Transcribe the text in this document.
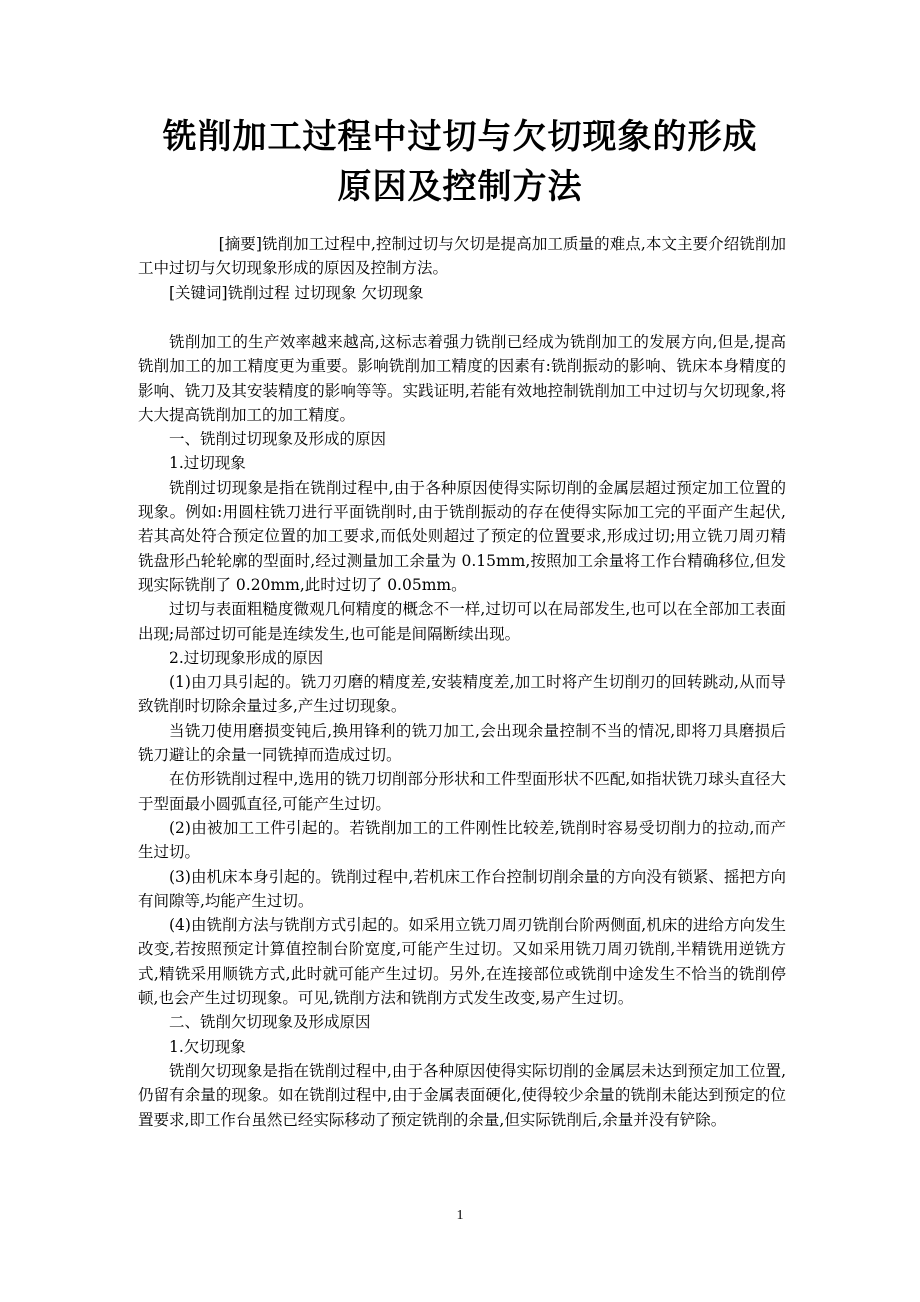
铣削加工过程中过切与欠切现象的形成
原因及控制方法

[摘要]铣削加工过程中,控制过切与欠切是提高加工质量的难点,本文主要介绍铣削加工中过切与欠切现象形成的原因及控制方法。

[关键词]铣削过程 过切现象 欠切现象

铣削加工的生产效率越来越高,这标志着强力铣削已经成为铣削加工的发展方向,但是,提高铣削加工的加工精度更为重要。影响铣削加工精度的因素有:铣削振动的影响、铣床本身精度的影响、铣刀及其安装精度的影响等等。实践证明,若能有效地控制铣削加工中过切与欠切现象,将大大提高铣削加工的加工精度。

一、铣削过切现象及形成的原因

1.过切现象

铣削过切现象是指在铣削过程中,由于各种原因使得实际切削的金属层超过预定加工位置的现象。例如:用圆柱铣刀进行平面铣削时,由于铣削振动的存在使得实际加工完的平面产生起伏,若其高处符合预定位置的加工要求,而低处则超过了预定的位置要求,形成过切;用立铣刀周刃精铣盘形凸轮轮廓的型面时,经过测量加工余量为 0.15mm,按照加工余量将工作台精确移位,但发现实际铣削了 0.20mm,此时过切了 0.05mm。

过切与表面粗糙度微观几何精度的概念不一样,过切可以在局部发生,也可以在全部加工表面出现;局部过切可能是连续发生,也可能是间隔断续出现。

2.过切现象形成的原因

(1)由刀具引起的。铣刀刃磨的精度差,安装精度差,加工时将产生切削刃的回转跳动,从而导致铣削时切除余量过多,产生过切现象。

当铣刀使用磨损变钝后,换用锋利的铣刀加工,会出现余量控制不当的情况,即将刀具磨损后铣刀避让的余量一同铣掉而造成过切。

在仿形铣削过程中,选用的铣刀切削部分形状和工件型面形状不匹配,如指状铣刀球头直径大于型面最小圆弧直径,可能产生过切。

(2)由被加工工件引起的。若铣削加工的工件刚性比较差,铣削时容易受切削力的拉动,而产生过切。

(3)由机床本身引起的。铣削过程中,若机床工作台控制切削余量的方向没有锁紧、摇把方向有间隙等,均能产生过切。

(4)由铣削方法与铣削方式引起的。如采用立铣刀周刃铣削台阶两侧面,机床的进给方向发生改变,若按照预定计算值控制台阶宽度,可能产生过切。又如采用铣刀周刃铣削,半精铣用逆铣方式,精铣采用顺铣方式,此时就可能产生过切。另外,在连接部位或铣削中途发生不恰当的铣削停顿,也会产生过切现象。可见,铣削方法和铣削方式发生改变,易产生过切。

二、铣削欠切现象及形成原因

1.欠切现象

铣削欠切现象是指在铣削过程中,由于各种原因使得实际切削的金属层未达到预定加工位置,仍留有余量的现象。如在铣削过程中,由于金属表面硬化,使得较少余量的铣削未能达到预定的位置要求,即工作台虽然已经实际移动了预定铣削的余量,但实际铣削后,余量并没有铲除。

1
